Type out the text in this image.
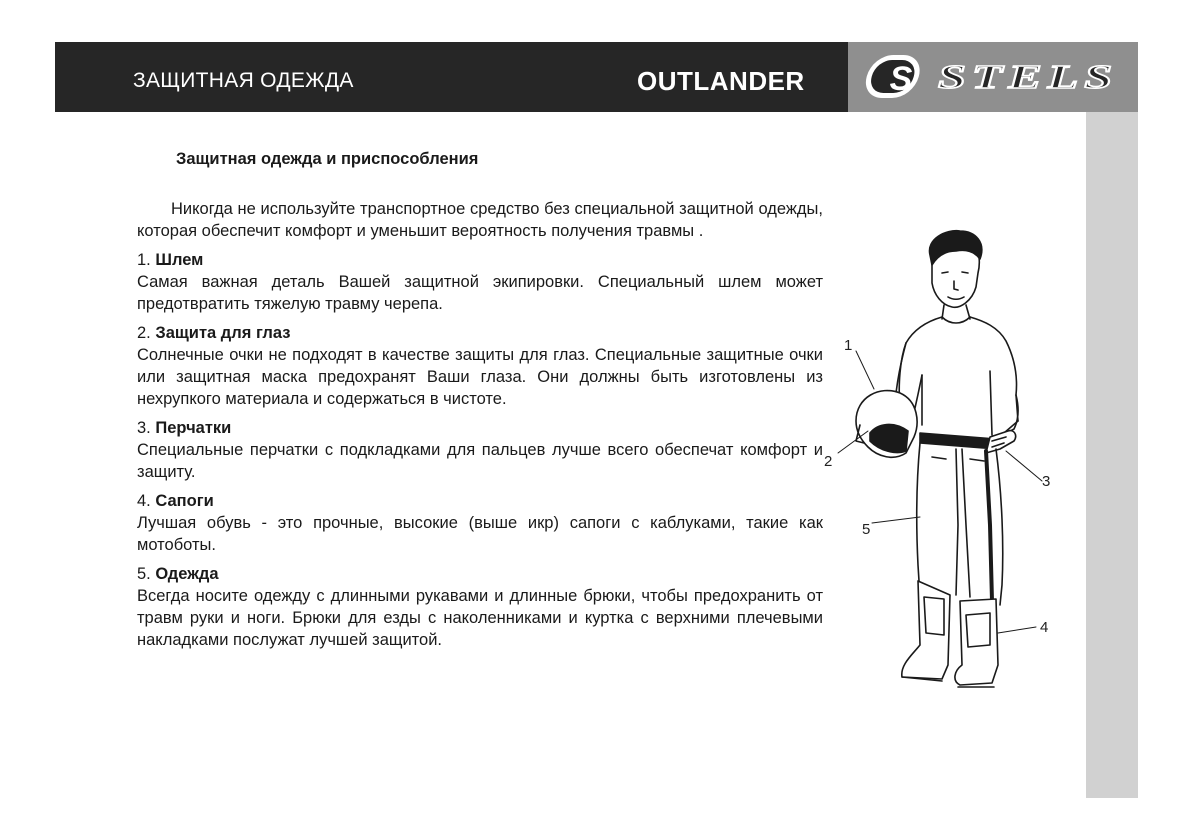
ЗАЩИТНАЯ ОДЕЖДА	OUTLANDER S STELS
Защитная одежда и приспособления
Никогда не используйте транспортное средство без специальной защитной одежды, которая обеспечит комфорт и уменьшит вероятность получения травмы .
1. Шлем
Самая важная деталь Вашей защитной экипировки. Специальный шлем может предотвратить тяжелую травму черепа.
2. Защита для глаз
Солнечные очки не подходят в качестве защиты для глаз. Специальные защитные очки или защитная маска предохранят Ваши глаза. Они должны быть изготовлены из нехрупкого материала и содержаться в чистоте.
3. Перчатки
Специальные перчатки с подкладками для пальцев лучше всего обеспечат комфорт и защиту.
4. Сапоги
Лучшая обувь - это прочные, высокие (выше икр) сапоги с каблуками, такие как мотоботы.
5. Одежда
Всегда носите одежду с длинными рукавами и длинные брюки, чтобы предохранить от травм руки и ноги. Брюки для езды с наколенниками и куртка с верхними плечевыми накладками послужат лучшей защитой.
1
2
3
4
5
